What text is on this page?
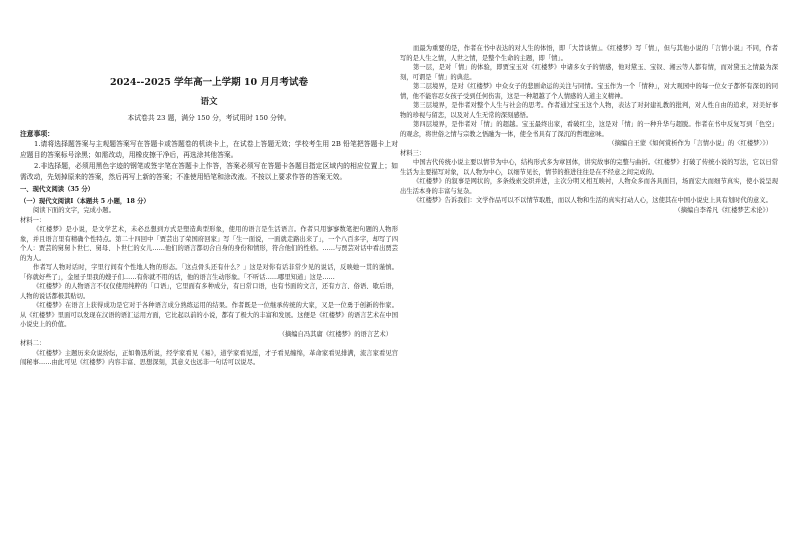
2024--2025 学年高一上学期 10 月月考试卷
语文
本试卷共 23 题，满分 150 分，考试用时 150 分钟。
注意事项：

1.请将选择题答案与主观题答案写在答题卡或答题卷的机读卡上，在试卷上答题无效；学校考生用 2B 铅笔把答题卡上对应题目的答案标号涂黑；如需改动，用橡皮擦干净后，再选涂其他答案。

2.非选择题，必须用黑色字迹的钢笔或签字笔在答题卡上作答，答案必须写在答题卡各题目指定区域内的相应位置上；如需改动，先划掉原来的答案，然后再写上新的答案；不准使用铅笔和涂改液。不按以上要求作答的答案无效。

一、现代文阅读（35 分）

（一）现代文阅读Ⅰ（本题共 5 小题，18 分）

阅读下面的文字，完成小题。

材料一：

《红楼梦》是小说，是文学艺术，未必总想到方式是塑造典型形象，使用的语言是生活语言。作者只用寥寥数笔把句题的人物形象，并且语言里有精确个性特点。第二十四回中「贾芸出了荣国府回家」写「生一面说，一面就走路出来了」，一个八百多字，却写了四个人：贾芸的舅舅卜世仁、舅母、卜世仁的女儿……他们的语言都切合自身的身份和情形，符合他们的性格。……与贾芸对话中看出贾芸的为人。

作者写人物对话时，字里行间有个性地人物的形态。「这点骨头还有什么？」这是对你有话非常少见的说话，反映她一贯的谨慎。「你就好些了」，金屋子里我的嫂子们……有你就不用的话，他的语言生动形象。「不听话……哪里知道」这是……

《红楼梦》的人物语言不仅仅使用纯粹的「口语」，它里面有多种成分，有日常口语，也有书面的文言，还有方言、俗语、歇后语，人物的说话都极其贴切。

《红楼梦》在语言上获得成功是它对于各种语言成分熟练运用的结果。作者既是一位继承传统的大家，又是一位勇于创新的作家。从《红楼梦》里面可以发现在汉语的语汇运用方面，它比起以前的小说，都有了极大的丰富和发展。这便是《红楼梦》的语言艺术在中国小说史上的价值。

（摘编自冯其庸《红楼梦》的语言艺术）

材料二：

《红楼梦》主题历来众说纷纭，正如鲁迅所说，经学家看见《易》，道学家看见淫，才子看见缠绵，革命家看见排满，流言家看见宫闱秘事……由此可见《红楼梦》内容丰富、思想深刻，其意义也远非一句话可以说尽。

而最为重要的是，作者在书中表达的对人生的体悟，即「大旨谈情」。《红楼梦》写「情」，但与其他小说的「言情小说」不同，作者写的是人生之情，人世之情，是整个生命的主题，即「情」。

第一层，是对「情」的体验，即贾宝玉对《红楼梦》中诸多女子的情感，他对黛玉、宝钗、湘云等人都有情，而对黛玉之情最为深刻，可谓是「情」的典范。

第二层境界，是对《红楼梦》中众女子的悲剧命运的关注与同情。宝玉作为一个「情种」，对大观园中的每一位女子都怀有深切的同情，他不能容忍女孩子受到任何伤害，这是一种超越了个人情感的人道主义精神。

第三层境界，是作者对整个人生与社会的思考。作者通过宝玉这个人物，表达了对封建礼教的批判，对人性自由的追求，对美好事物的珍视与留恋，以及对人生无常的深刻感悟。

第四层境界，是作者对「情」的超越。宝玉最终出家，看破红尘，这是对「情」的一种升华与超脱。作者在书中反复写到「色空」的观念，将世俗之情与宗教之悟融为一体，使全书具有了深沉的哲理意味。

（摘编自王蒙《如何赏析作为「言情小说」的〈红楼梦〉》）

材料三：

中国古代传统小说主要以情节为中心，结构形式多为章回体，讲究故事的完整与曲折。《红楼梦》打破了传统小说的写法，它以日常生活为主要描写对象，以人物为中心，以细节见长，情节的推进往往是在不经意之间完成的。

《红楼梦》的叙事是网状的，多条线索交织并进，主次分明又相互映衬，人物众多而各具面目，场面宏大而细节真实，使小说呈现出生活本身的丰富与复杂。

《红楼梦》告诉我们：文学作品可以不以情节取胜，而以人物和生活的真实打动人心，这使其在中国小说史上具有划时代的意义。

（摘编自李希凡《红楼梦艺术论》）
